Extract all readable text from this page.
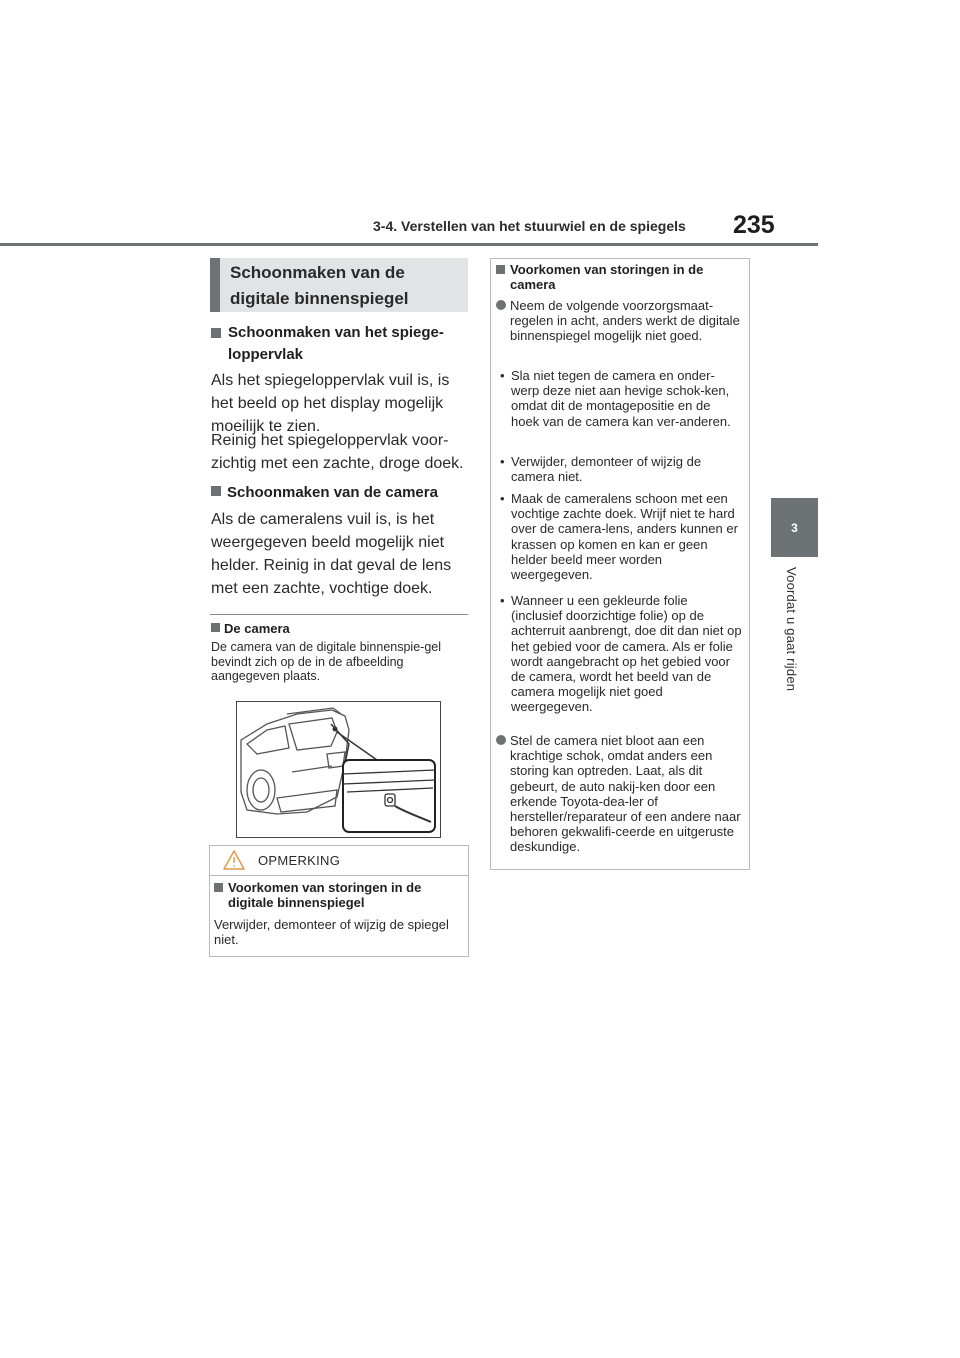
3-4. Verstellen van het stuurwiel en de spiegels 235
3
Voordat u gaat rijden
Schoonmaken van de
digitale binnenspiegel
Schoonmaken van het spiege-loppervlak
Als het spiegeloppervlak vuil is, is het beeld op het display mogelijk moeilijk te zien.
Reinig het spiegeloppervlak voor-zichtig met een zachte, droge doek.
Schoonmaken van de camera
Als de cameralens vuil is, is het weergegeven beeld mogelijk niet helder. Reinig in dat geval de lens met een zachte, vochtige doek.
De camera
De camera van de digitale binnenspie-gel bevindt zich op de in de afbeelding aangegeven plaats.
OPMERKING
Voorkomen van storingen in de digitale binnenspiegel
Verwijder, demonteer of wijzig de spiegel niet.
Voorkomen van storingen in de camera
Neem de volgende voorzorgsmaat-regelen in acht, anders werkt de digitale binnenspiegel mogelijk niet goed.
• Sla niet tegen de camera en onder-werp deze niet aan hevige schok-ken, omdat dit de montagepositie en de hoek van de camera kan ver-anderen.
• Verwijder, demonteer of wijzig de camera niet.
• Maak de cameralens schoon met een vochtige zachte doek. Wrijf niet te hard over de camera-lens, anders kunnen er krassen op komen en kan er geen helder beeld meer worden weergegeven.
• Wanneer u een gekleurde folie (inclusief doorzichtige folie) op de achterruit aanbrengt, doe dit dan niet op het gebied voor de camera. Als er folie wordt aangebracht op het gebied voor de camera, wordt het beeld van de camera mogelijk niet goed weergegeven.
Stel de camera niet bloot aan een krachtige schok, omdat anders een storing kan optreden. Laat, als dit gebeurt, de auto nakij-ken door een erkende Toyota-dea-ler of hersteller/reparateur of een andere naar behoren gekwalifi-ceerde en uitgeruste deskundige.
